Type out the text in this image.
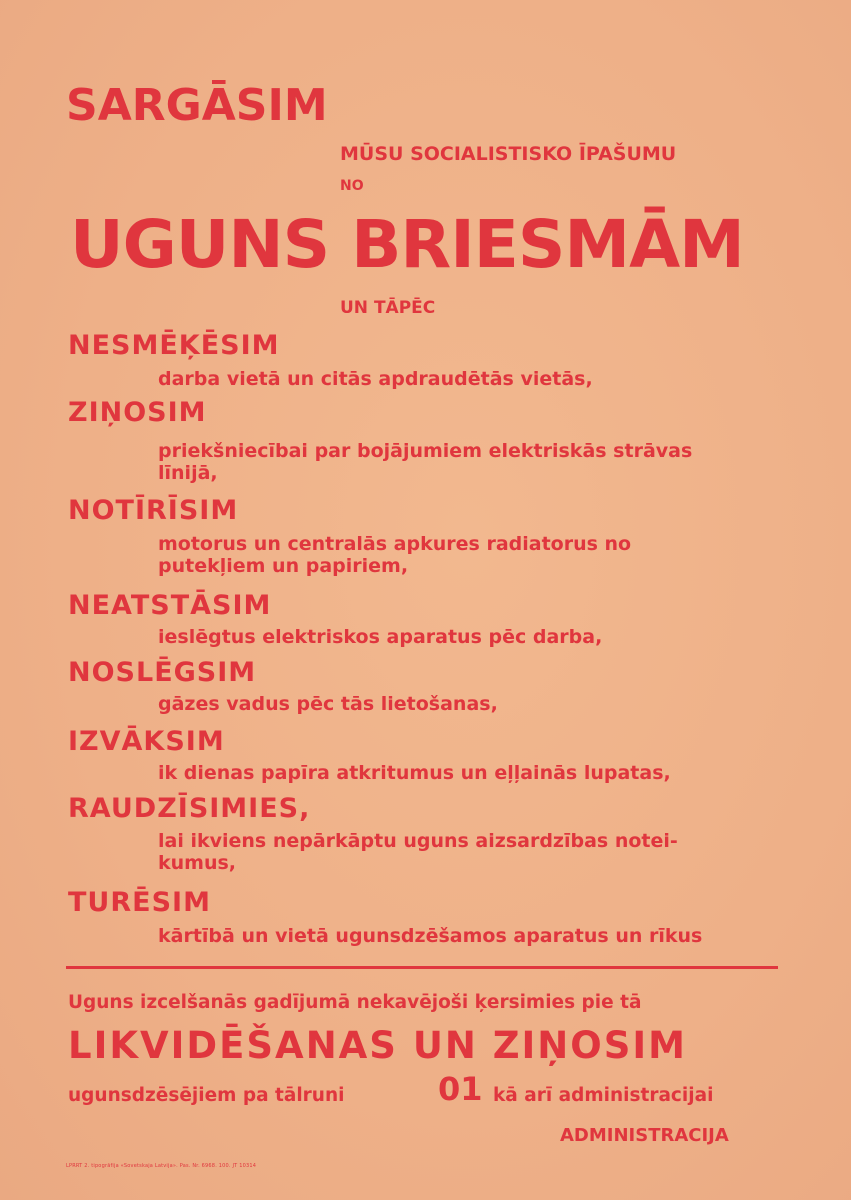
SARGĀSIM
MŪSU SOCIALISTISKO ĪPAŠUMU
NO
UGUNS BRIESMĀM
UN TĀPĒC
NESMĒĶĒSIM
darba vietā un citās apdraudētās vietās,
ZIŅOSIM
priekšniecībai par bojājumiem elektriskās strāvas
līnijā,
NOTĪRĪSIM
motorus un centralās apkures radiatorus no
putekļiem un papiriem,
NEATSTĀSIM
ieslēgtus elektriskos aparatus pēc darba,
NOSLĒGSIM
gāzes vadus pēc tās lietošanas,
IZVĀKSIM
ik dienas papīra atkritumus un eļļainās lupatas,
RAUDZĪSIMIES,
lai ikviens nepārkāptu uguns aizsardzības notei-
kumus,
TURĒSIM
kārtībā un vietā ugunsdzēšamos aparatus un rīkus
Uguns izcelšanās gadījumā nekavējoši ķersimies pie tā
LIKVIDĒŠANAS UN ZIŅOSIM
ugunsdzēsējiem pa tālruni	01 kā arī administracijai
ADMINISTRACIJA
LPRRT 2. tipogrāfija «Sovetskaja Latvija». Pas. Nr. 6968. 100. JT 10314
